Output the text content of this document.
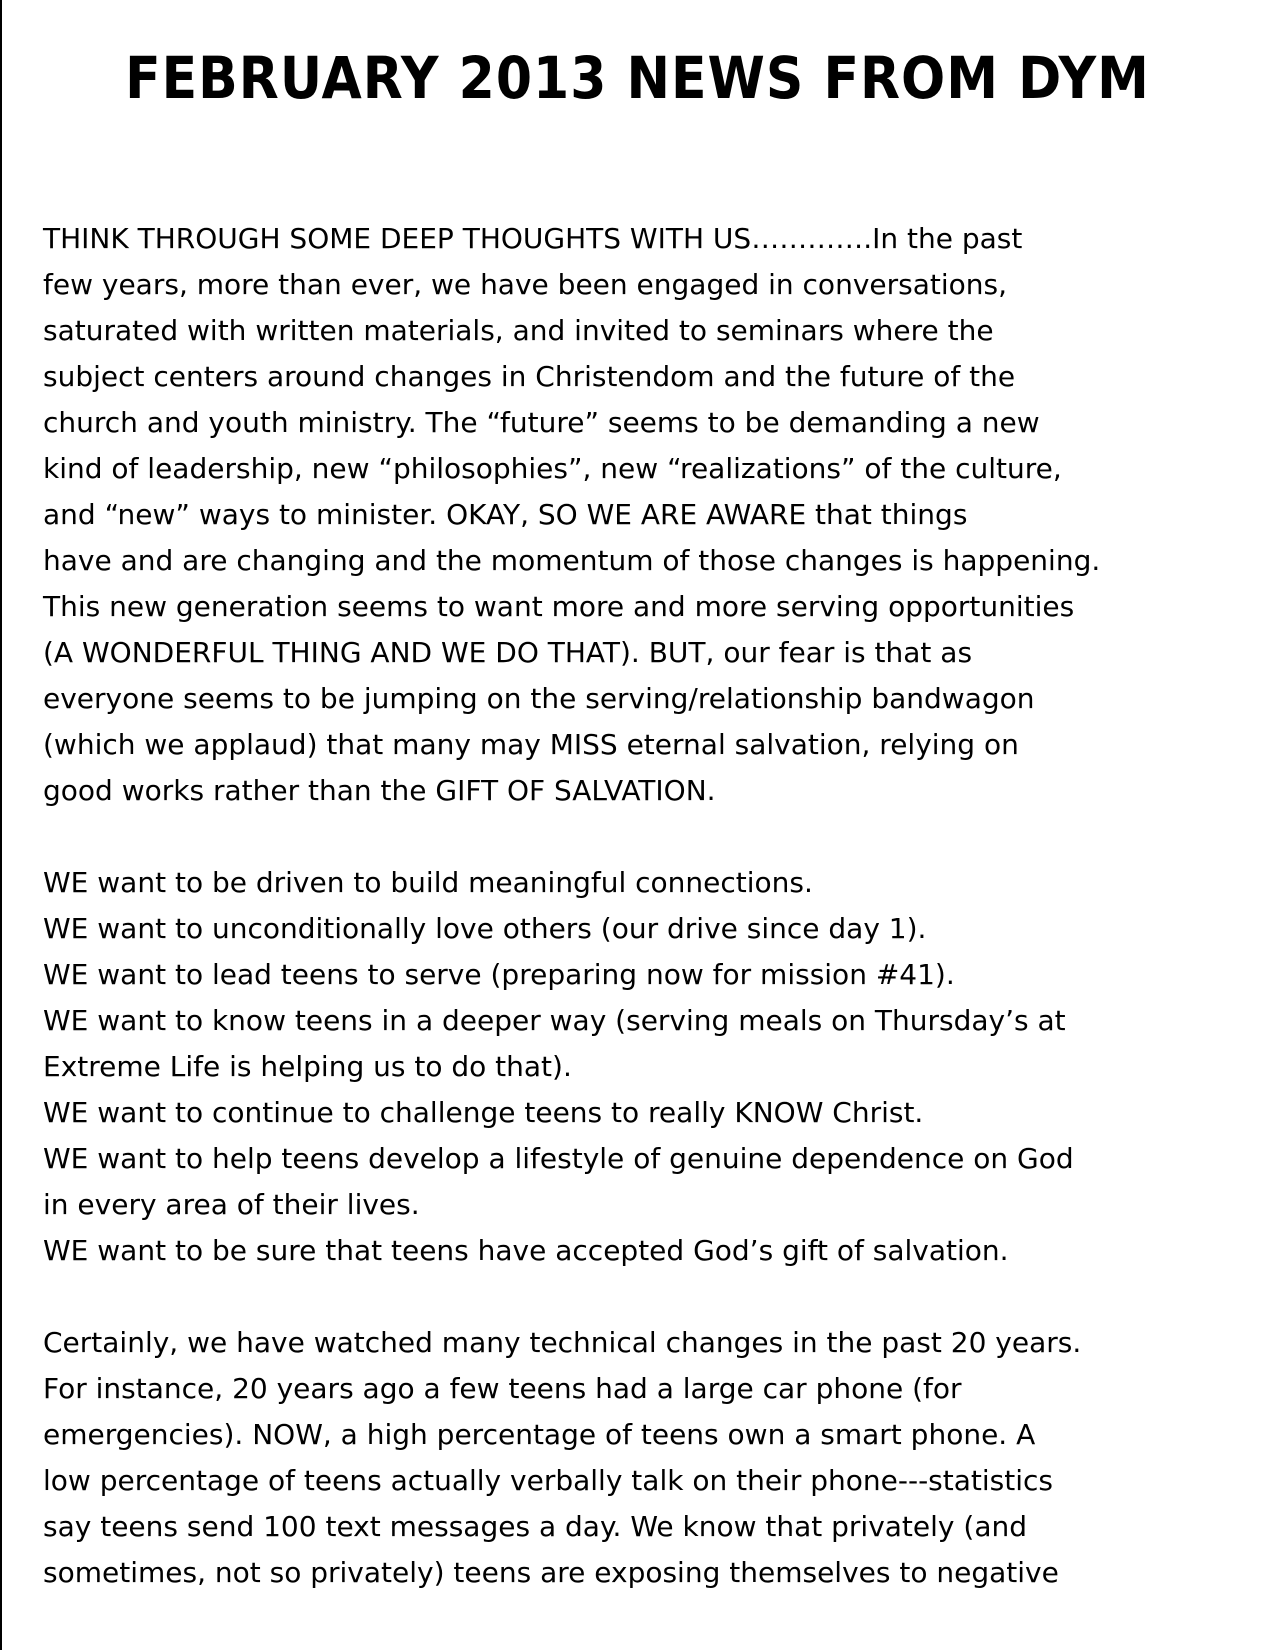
FEBRUARY 2013 NEWS FROM DYM
THINK THROUGH SOME DEEP THOUGHTS WITH US………….In the past
few years, more than ever, we have been engaged in conversations,
saturated with written materials, and invited to seminars where the
subject centers around changes in Christendom and the future of the
church and youth ministry. The “future” seems to be demanding a new
kind of leadership, new “philosophies”, new “realizations” of the culture,
and “new” ways to minister. OKAY, SO WE ARE AWARE that things
have and are changing and the momentum of those changes is happening.
This new generation seems to want more and more serving opportunities
(A WONDERFUL THING AND WE DO THAT). BUT, our fear is that as
everyone seems to be jumping on the serving/relationship bandwagon
(which we applaud) that many may MISS eternal salvation, relying on
good works rather than the GIFT OF SALVATION.
WE want to be driven to build meaningful connections.
WE want to unconditionally love others (our drive since day 1).
WE want to lead teens to serve (preparing now for mission #41).
WE want to know teens in a deeper way (serving meals on Thursday’s at
Extreme Life is helping us to do that).
WE want to continue to challenge teens to really KNOW Christ.
WE want to help teens develop a lifestyle of genuine dependence on God
in every area of their lives.
WE want to be sure that teens have accepted God’s gift of salvation.
Certainly, we have watched many technical changes in the past 20 years.
For instance, 20 years ago a few teens had a large car phone (for
emergencies). NOW, a high percentage of teens own a smart phone. A
low percentage of teens actually verbally talk on their phone---statistics
say teens send 100 text messages a day. We know that privately (and
sometimes, not so privately) teens are exposing themselves to negative
